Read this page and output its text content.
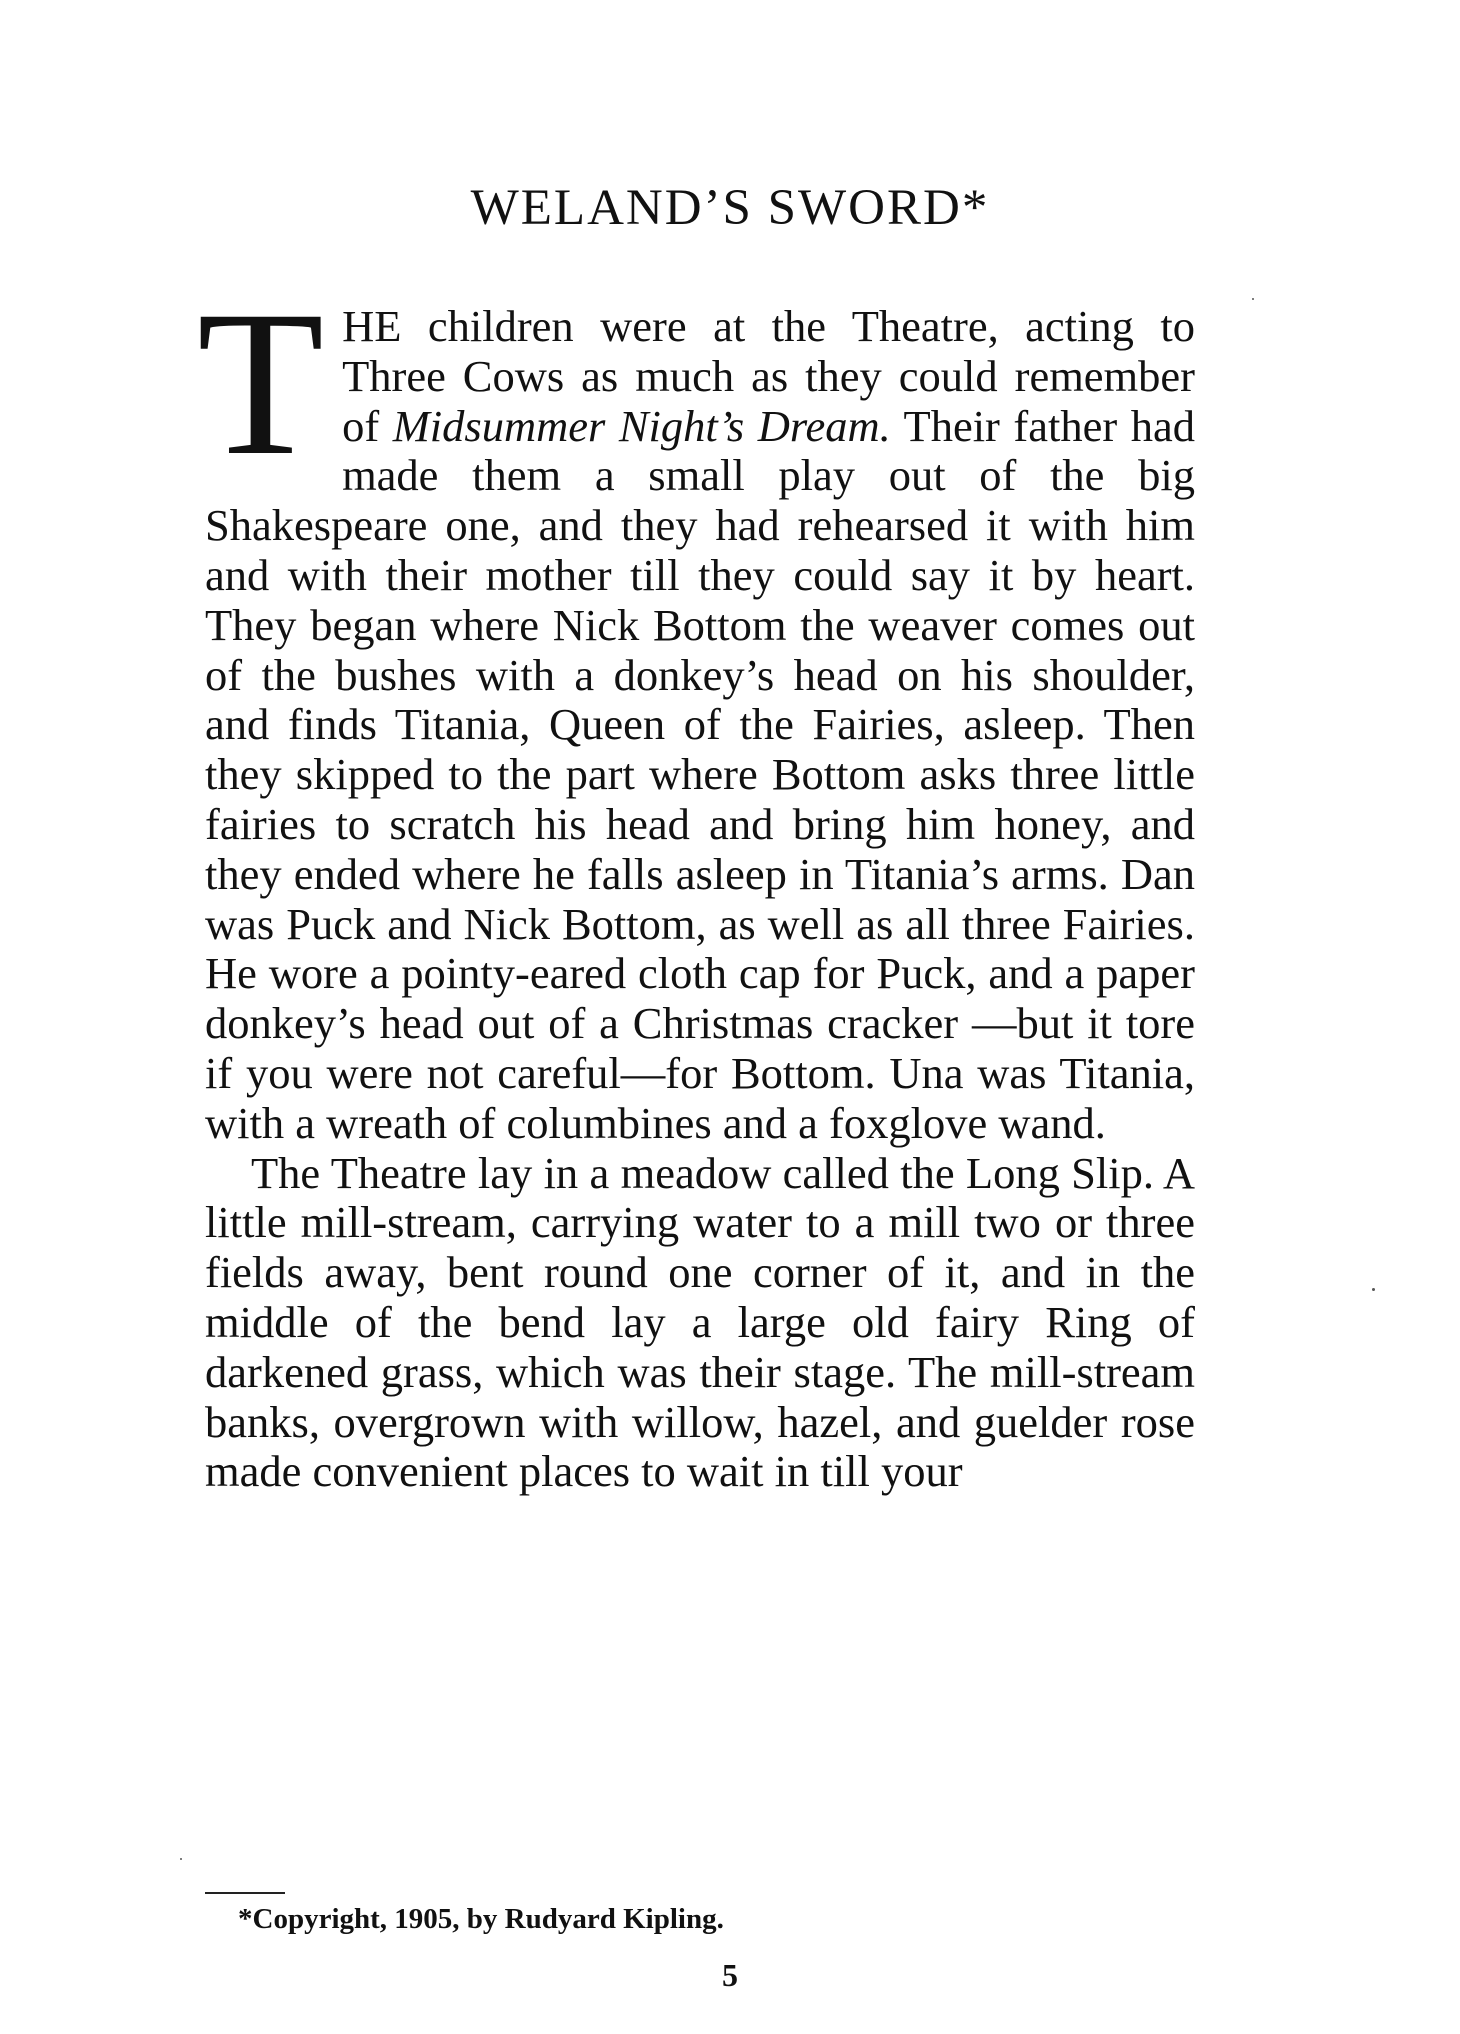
WELAND’S SWORD*

THE children were at the Theatre, acting to Three Cows as much as they could remember of Midsummer Night’s Dream. Their father had made them a small play out of the big Shakespeare one, and they had rehearsed it with him and with their mother till they could say it by heart. They began where Nick Bottom the weaver comes out of the bushes with a donkey’s head on his shoulder, and finds Titania, Queen of the Fairies, asleep. Then they skipped to the part where Bottom asks three little fairies to scratch his head and bring him honey, and they ended where he falls asleep in Titania’s arms. Dan was Puck and Nick Bottom, as well as all three Fairies. He wore a pointy-eared cloth cap for Puck, and a paper donkey’s head out of a Christmas cracker —but it tore if you were not careful—for Bottom. Una was Titania, with a wreath of columbines and a foxglove wand.

The Theatre lay in a meadow called the Long Slip. A little mill-stream, carrying water to a mill two or three fields away, bent round one corner of it, and in the middle of the bend lay a large old fairy Ring of darkened grass, which was their stage. The mill-stream banks, overgrown with willow, hazel, and guelder rose made convenient places to wait in till your

*Copyright, 1905, by Rudyard Kipling.

5
